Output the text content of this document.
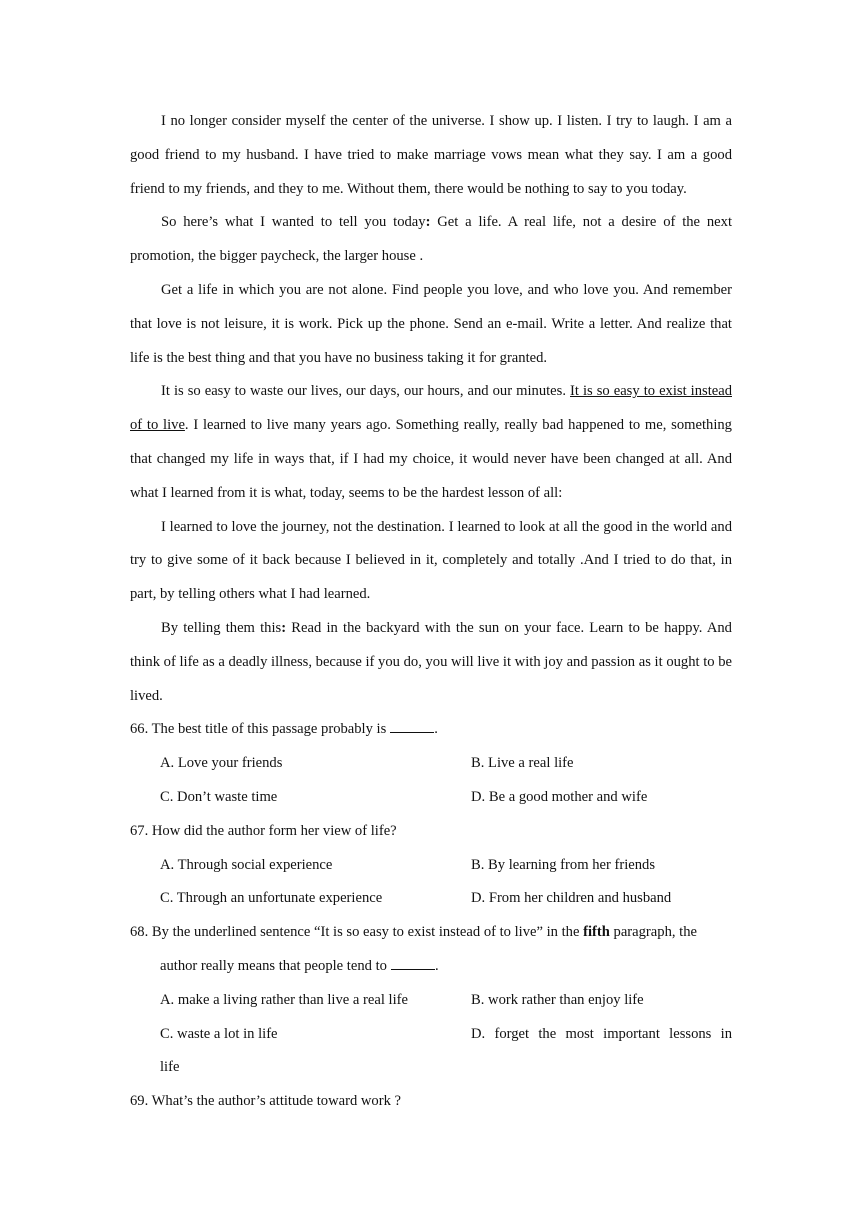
I no longer consider myself the center of the universe. I show up. I listen. I try to laugh. I am a good friend to my husband. I have tried to make marriage vows mean what they say. I am a good friend to my friends, and they to me. Without them, there would be nothing to say to you today.

So here’s what I wanted to tell you today: Get a life. A real life, not a desire of the next promotion, the bigger paycheck, the larger house .

Get a life in which you are not alone. Find people you love, and who love you. And remember that love is not leisure, it is work. Pick up the phone. Send an e-mail. Write a letter. And realize that life is the best thing and that you have no business taking it for granted.

It is so easy to waste our lives, our days, our hours, and our minutes. It is so easy to exist instead of to live. I learned to live many years ago. Something really, really bad happened to me, something that changed my life in ways that, if I had my choice, it would never have been changed at all. And what I learned from it is what, today, seems to be the hardest lesson of all:

I learned to love the journey, not the destination. I learned to look at all the good in the world and try to give some of it back because I believed in it, completely and totally .And I tried to do that, in part, by telling others what I had learned.

By telling them this: Read in the backyard with the sun on your face. Learn to be happy. And think of life as a deadly illness, because if you do, you will live it with joy and passion as it ought to be lived.

66. The best title of this passage probably is	.

A. Love your friends	B. Live a real life
C. Don’t waste time	D. Be a good mother and wife

67. How did the author form her view of life?

A. Through social experience	B. By learning from her friends
C. Through an unfortunate experience	D. From her children and husband

68. By the underlined sentence “It is so easy to exist instead of to live” in the fifth paragraph, the

author really means that people tend to	.

A. make a living rather than live a real life	B. work rather than enjoy life
C. waste a lot in life	D. forget the most important lessons in

life

69. What’s the author’s attitude toward work ?
